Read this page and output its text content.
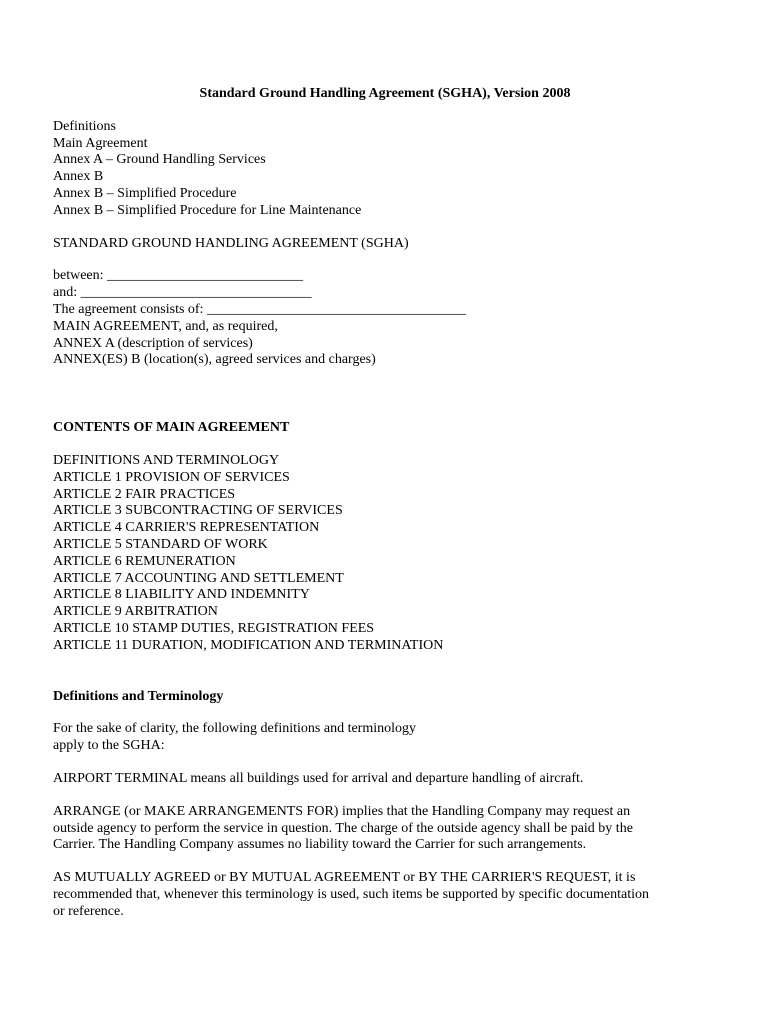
Standard Ground Handling Agreement (SGHA), Version 2008
Definitions
Main Agreement
Annex A – Ground Handling Services
Annex B
Annex B – Simplified Procedure
Annex B – Simplified Procedure for Line Maintenance
STANDARD GROUND HANDLING AGREEMENT (SGHA)
between: ____________________________
and: _________________________________
The agreement consists of: _____________________________________
MAIN AGREEMENT, and, as required,
ANNEX A (description of services)
ANNEX(ES) B (location(s), agreed services and charges)
CONTENTS OF MAIN AGREEMENT
DEFINITIONS AND TERMINOLOGY
ARTICLE 1 PROVISION OF SERVICES
ARTICLE 2 FAIR PRACTICES
ARTICLE 3 SUBCONTRACTING OF SERVICES
ARTICLE 4 CARRIER'S REPRESENTATION
ARTICLE 5 STANDARD OF WORK
ARTICLE 6 REMUNERATION
ARTICLE 7 ACCOUNTING AND SETTLEMENT
ARTICLE 8 LIABILITY AND INDEMNITY
ARTICLE 9 ARBITRATION
ARTICLE 10 STAMP DUTIES, REGISTRATION FEES
ARTICLE 11 DURATION, MODIFICATION AND TERMINATION
Definitions and Terminology
For the sake of clarity, the following definitions and terminology
apply to the SGHA:
AIRPORT TERMINAL means all buildings used for arrival and departure handling of aircraft.
ARRANGE (or MAKE ARRANGEMENTS FOR) implies that the Handling Company may request an
outside agency to perform the service in question. The charge of the outside agency shall be paid by the
Carrier. The Handling Company assumes no liability toward the Carrier for such arrangements.
AS MUTUALLY AGREED or BY MUTUAL AGREEMENT or BY THE CARRIER'S REQUEST, it is
recommended that, whenever this terminology is used, such items be supported by specific documentation
or reference.
